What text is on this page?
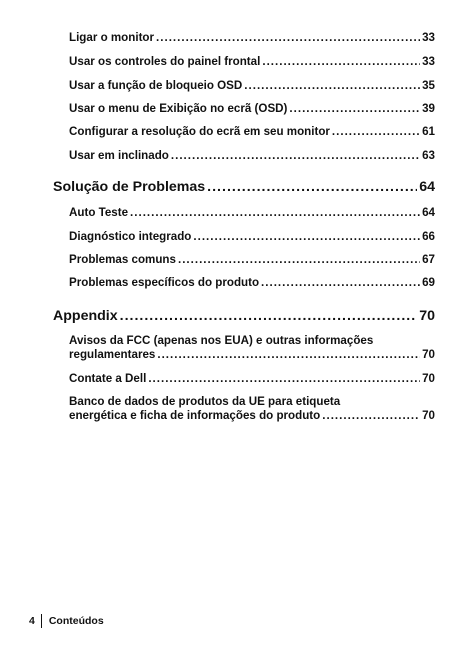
Ligar o monitor .....	33
Usar os controles do painel frontal .....	33
Usar a função de bloqueio OSD .....	35
Usar o menu de Exibição no ecrã (OSD) .....	39
Configurar a resolução do ecrã em seu monitor .....	61
Usar em inclinado .....	63
Solução de Problemas .....	64
Auto Teste .....	64
Diagnóstico integrado .....	66
Problemas comuns .....	67
Problemas específicos do produto .....	69
Appendix .....	70
Avisos da FCC (apenas nos EUA) e outras informações
regulamentares .....	70
Contate a Dell .....	70
Banco de dados de produtos da UE para etiqueta
energética e ficha de informações do produto .....	70
4 Conteúdos
